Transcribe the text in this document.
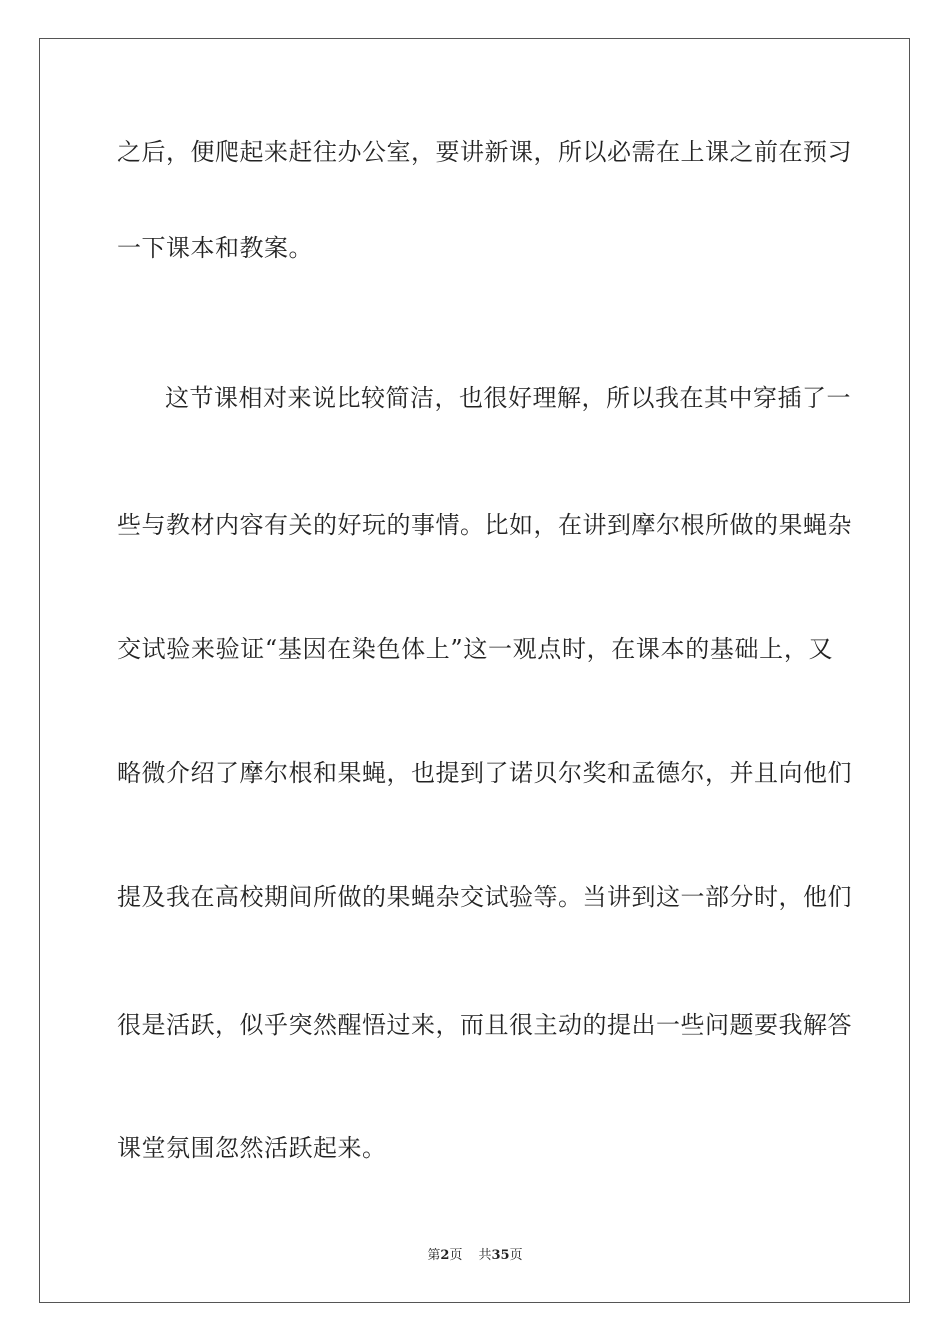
之后，便爬起来赶往办公室，要讲新课，所以必需在上课之前在预习
一下课本和教案。
这节课相对来说比较简洁，也很好理解，所以我在其中穿插了一
些与教材内容有关的好玩的事情。比如，在讲到摩尔根所做的果蝇杂
交试验来验证“基因在染色体上”这一观点时，在课本的基础上，又
略微介绍了摩尔根和果蝇，也提到了诺贝尔奖和孟德尔，并且向他们
提及我在高校期间所做的果蝇杂交试验等。当讲到这一部分时，他们
很是活跃，似乎突然醒悟过来，而且很主动的提出一些问题要我解答
课堂氛围忽然活跃起来。
第2页 共35页
